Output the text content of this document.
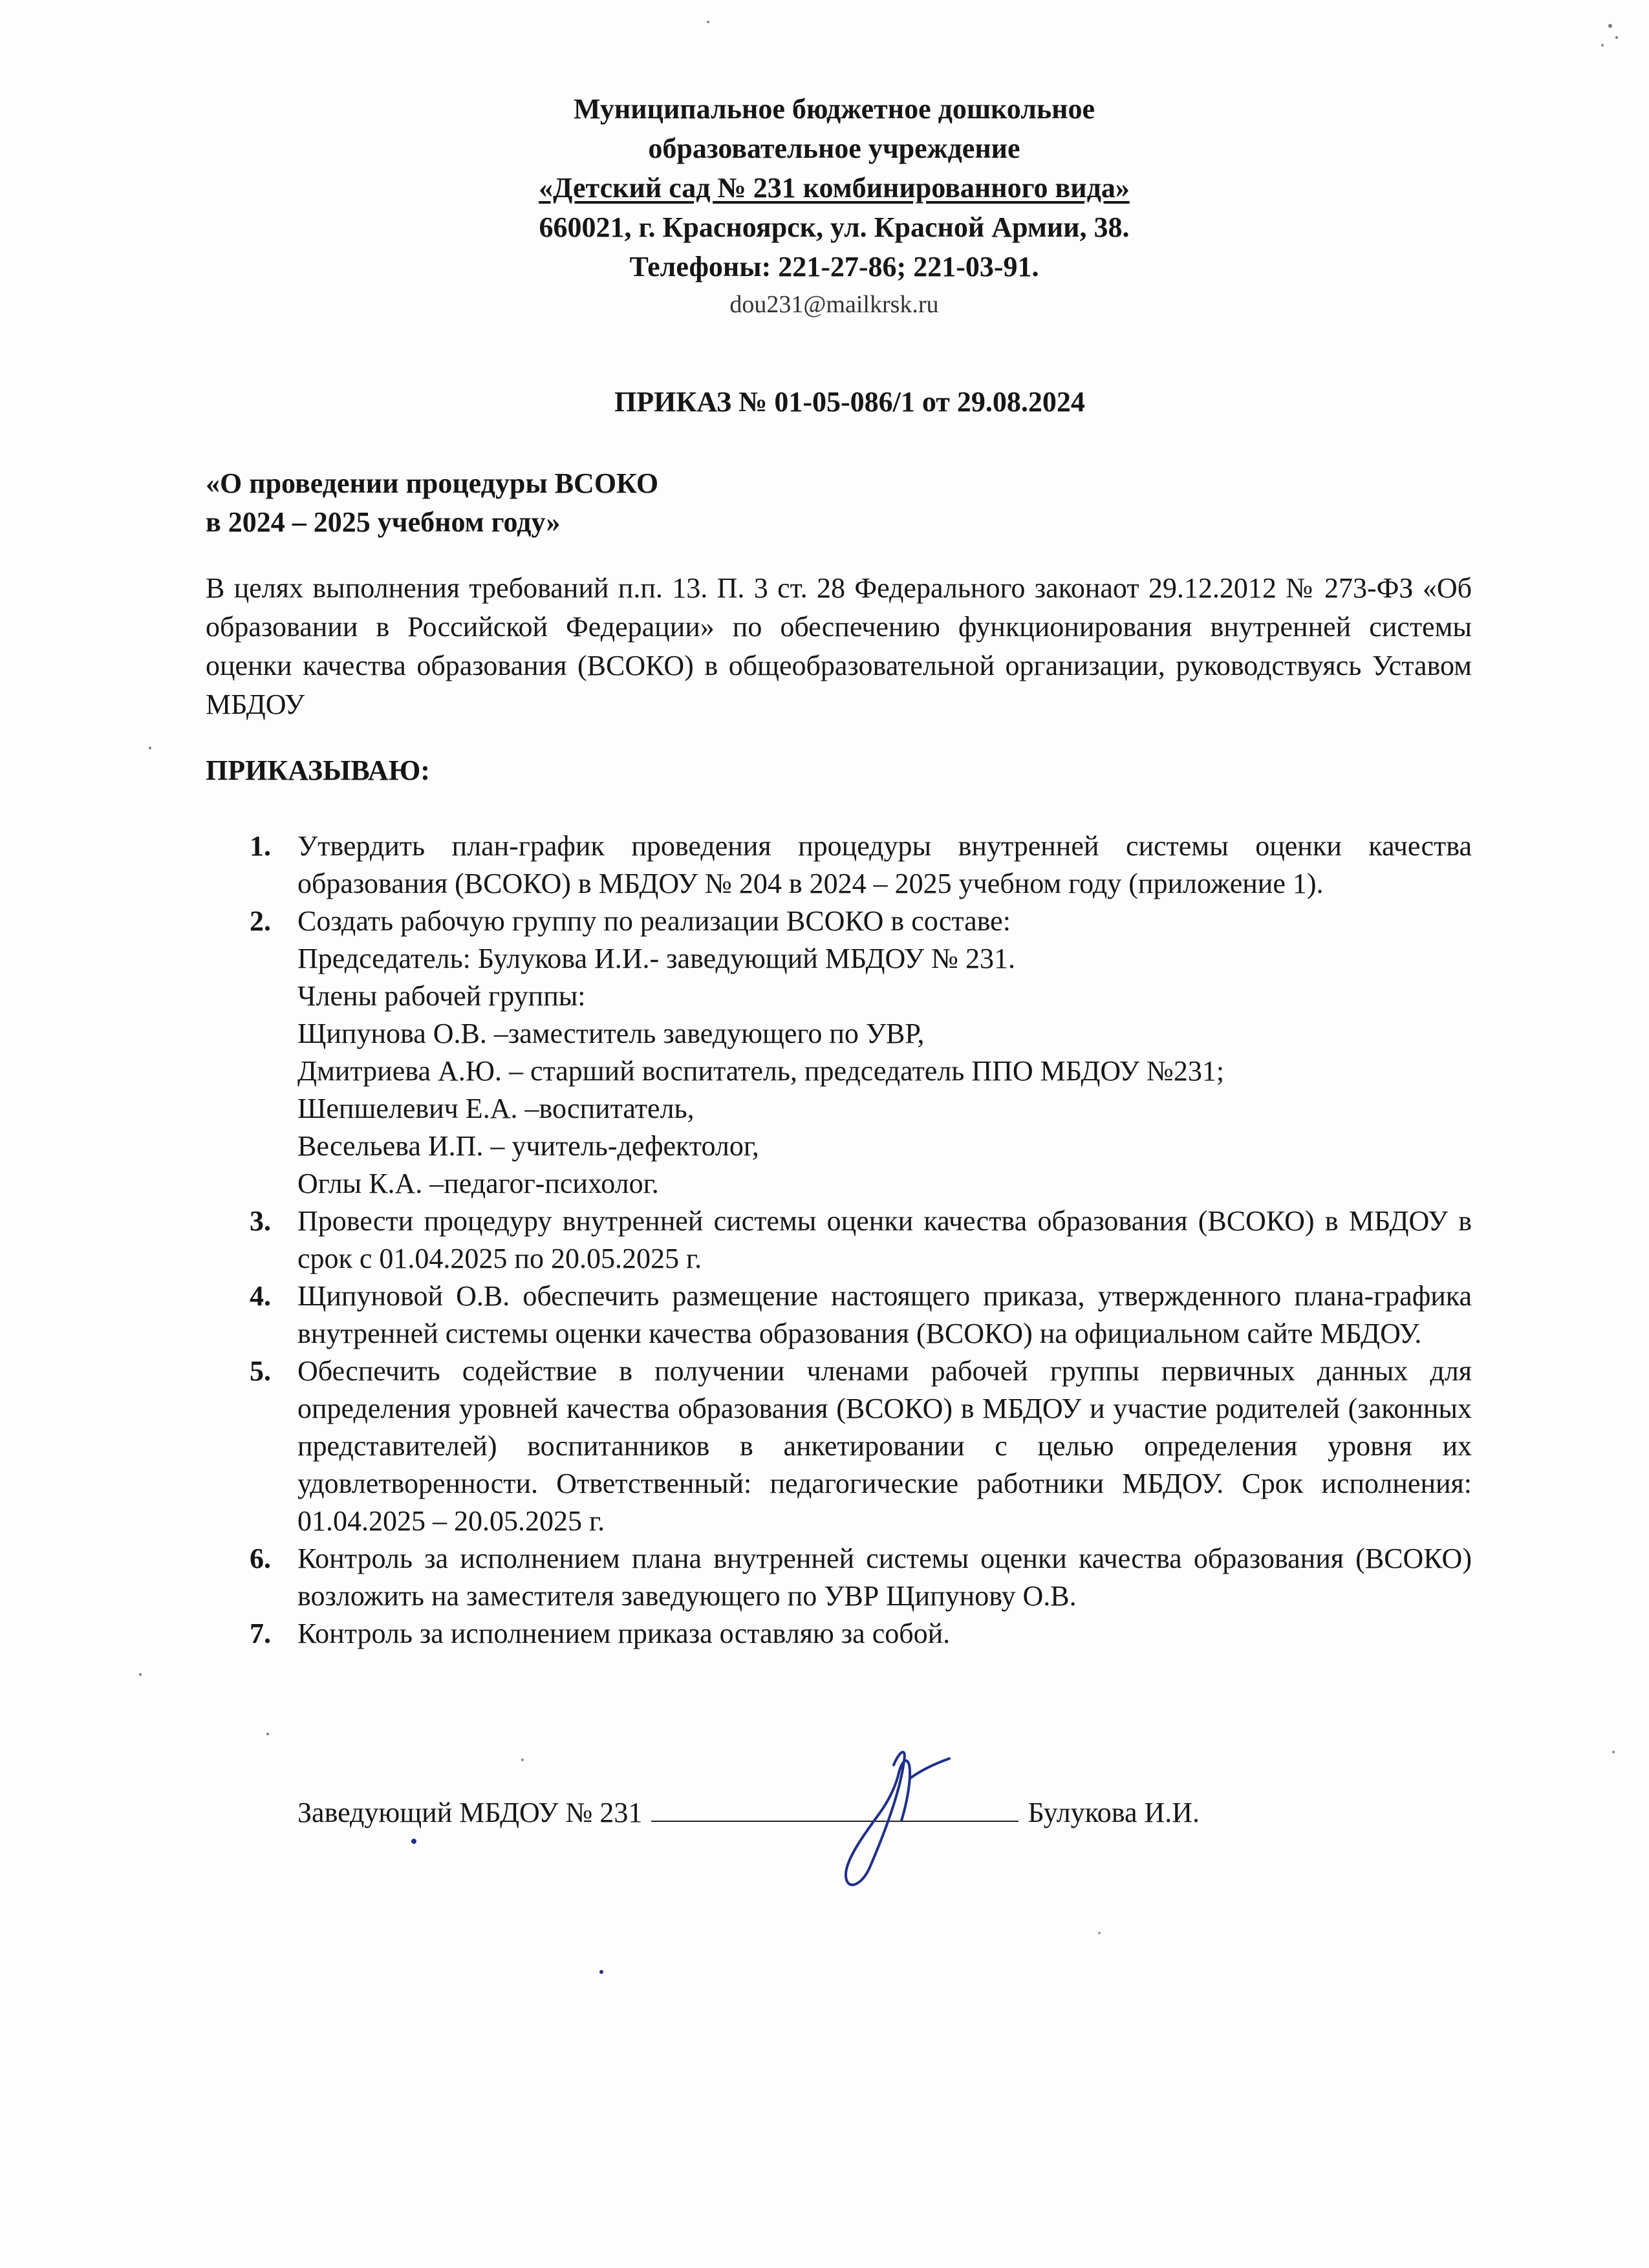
Муниципальное бюджетное дошкольное
образовательное учреждение
«Детский сад № 231 комбинированного вида»
660021, г. Красноярск, ул. Красной Армии, 38.
Телефоны: 221-27-86; 221-03-91.
dou231@mailkrsk.ru
ПРИКАЗ № 01-05-086/1 от 29.08.2024
«О проведении процедуры ВСОКО
в 2024 – 2025 учебном году»
В целях выполнения требований п.п. 13. П. 3 ст. 28 Федерального законаот 29.12.2012 № 273-ФЗ «Об образовании в Российской Федерации» по обеспечению функционирования внутренней системы оценки качества образования (ВСОКО) в общеобразовательной организации, руководствуясь Уставом МБДОУ
ПРИКАЗЫВАЮ:
1. Утвердить план-график проведения процедуры внутренней системы оценки качества образования (ВСОКО) в МБДОУ № 204 в 2024 – 2025 учебном году (приложение 1).
2. Создать рабочую группу по реализации ВСОКО в составе:
Председатель: Булукова И.И.- заведующий МБДОУ № 231.
Члены рабочей группы:
Щипунова О.В. –заместитель заведующего по УВР,
Дмитриева А.Ю. – старший воспитатель, председатель ППО МБДОУ №231;
Шепшелевич Е.А. –воспитатель,
Весельева И.П. – учитель-дефектолог,
Оглы К.А. –педагог-психолог.
3. Провести процедуру внутренней системы оценки качества образования (ВСОКО) в МБДОУ в срок с 01.04.2025 по 20.05.2025 г.
4. Щипуновой О.В. обеспечить размещение настоящего приказа, утвержденного плана-графика внутренней системы оценки качества образования (ВСОКО) на официальном сайте МБДОУ.
5. Обеспечить содействие в получении членами рабочей группы первичных данных для определения уровней качества образования (ВСОКО) в МБДОУ и участие родителей (законных представителей) воспитанников в анкетировании с целью определения уровня их удовлетворенности. Ответственный: педагогические работники МБДОУ. Срок исполнения: 01.04.2025 – 20.05.2025 г.
6. Контроль за исполнением плана внутренней системы оценки качества образования (ВСОКО) возложить на заместителя заведующего по УВР Щипунову О.В.
7. Контроль за исполнением приказа оставляю за собой.
Заведующий МБДОУ № 231	Булукова И.И.
